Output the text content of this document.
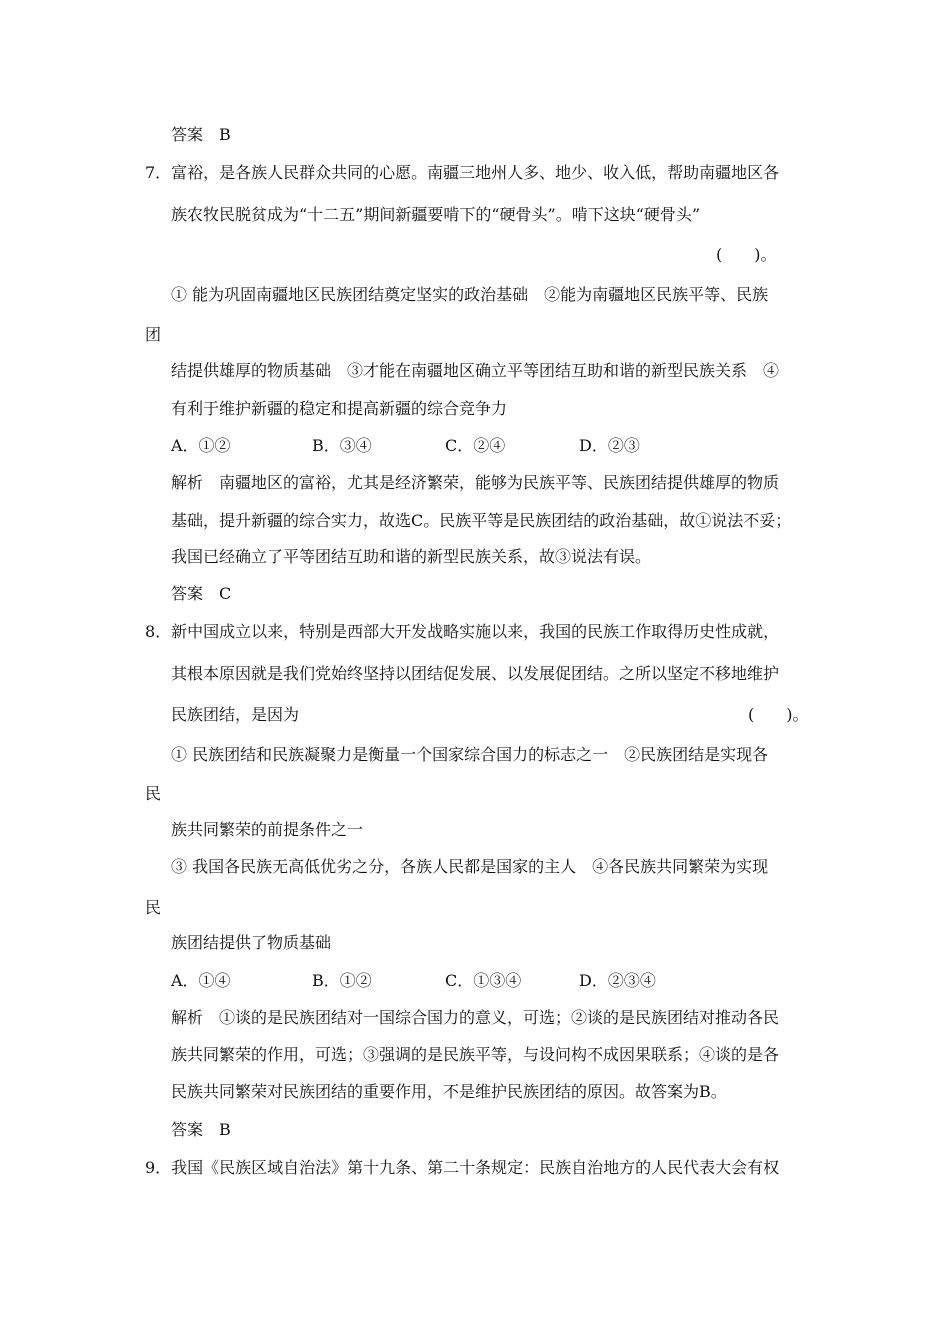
答案　B
7．富裕，是各族人民群众共同的心愿。南疆三地州人多、地少、收入低，帮助南疆地区各
族农牧民脱贫成为“十二五”期间新疆要啃下的“硬骨头”。啃下这块“硬骨头”
(　　)。
① 能为巩固南疆地区民族团结奠定坚实的政治基础　②能为南疆地区民族平等、民族
团
结提供雄厚的物质基础　③才能在南疆地区确立平等团结互助和谐的新型民族关系　④
有利于维护新疆的稳定和提高新疆的综合竞争力
A．①②	B．③④	C．②④	D．②③
解析　南疆地区的富裕，尤其是经济繁荣，能够为民族平等、民族团结提供雄厚的物质
基础，提升新疆的综合实力，故选C。民族平等是民族团结的政治基础，故①说法不妥；
我国已经确立了平等团结互助和谐的新型民族关系，故③说法有误。
答案　C
8．新中国成立以来，特别是西部大开发战略实施以来，我国的民族工作取得历史性成就，
其根本原因就是我们党始终坚持以团结促发展、以发展促团结。之所以坚定不移地维护
民族团结，是因为	(　　)。
① 民族团结和民族凝聚力是衡量一个国家综合国力的标志之一　②民族团结是实现各
民
族共同繁荣的前提条件之一
③ 我国各民族无高低优劣之分，各族人民都是国家的主人　④各民族共同繁荣为实现
民
族团结提供了物质基础
A．①④	B．①②	C．①③④	D．②③④
解析　①谈的是民族团结对一国综合国力的意义，可选；②谈的是民族团结对推动各民
族共同繁荣的作用，可选；③强调的是民族平等，与设问构不成因果联系；④谈的是各
民族共同繁荣对民族团结的重要作用，不是维护民族团结的原因。故答案为B。
答案　B
9．我国《民族区域自治法》第十九条、第二十条规定：民族自治地方的人民代表大会有权
